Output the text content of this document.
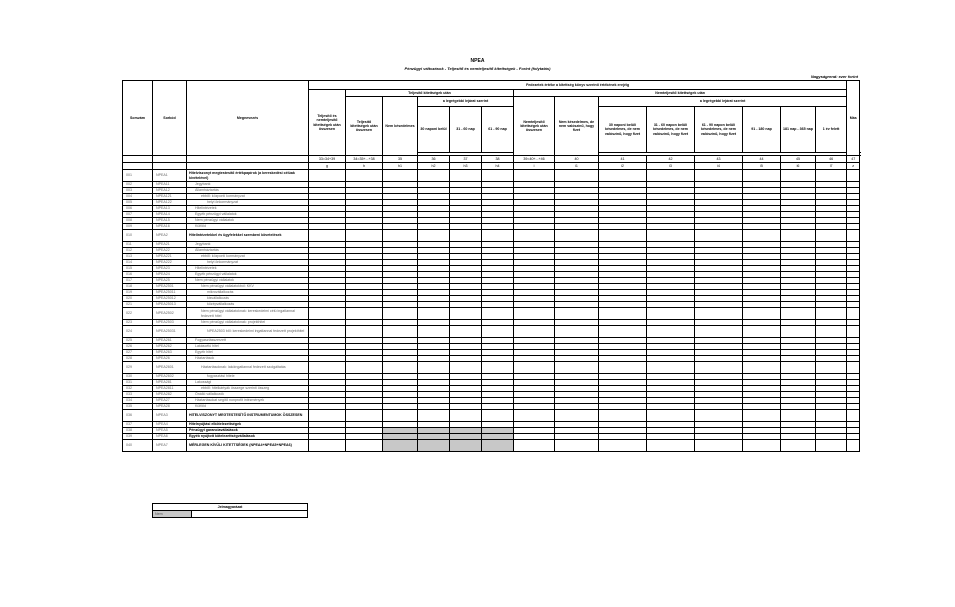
NPEA
Pénzügyi változások - Teljesítő és nemteljesítő kitettségek - Forint (folytatás)
Nagyságrend: ezer forint
Sorszám	Sorkód	Megnevezés	Fedezetek értéke a kitettség könyv szerinti értékének erejéig														Más
			Teljesítő és nemteljesítő kitettségek után összesen	Teljesítő kitettségek után					Nemteljesítő kitettségek után								
				Teljesítő kitettségek után összesen	Nem késedelmes	a legrégebbi lejárat szerint			Nemteljesítő kitettségek után összesen	Nem késedelmes, de nem valószínű, hogy fizet	a legrégebbi lejárat szerint						
						30 naponi belül	31 - 60 nap	61 - 90 nap			30 naponi belüli késedelmes, de nem valószínű, hogy fizet	31 - 60 napon belüli késedelmes, de nem valószínű, hogy fizet	61 - 90 napon belüli késedelmes, de nem valószínű, hogy fizet	91 - 180 nap	181 nap - 365 nap	1 év felett	

			33=34+39	34=35+...+38	35	36	37	38	39=40+...+46	40	41	42	43	44	45	46	47
			g	h	h1	h2	h3	h4	i	i1	i2	i3	i4	i5	i6	i7	z
001	NPEA1	Hitelviszonyt megtestesítő értékpapírok (a kereskedési célúak kivételével)															
002	NPEA11	Jegybank															
003	NPEA12	Államháztartás															
004	NPEA121	ebből: központi kormányzat															
005	NPEA122	helyi önkormányzat															
006	NPEA13	Hitelintézetek															
007	NPEA14	Egyéb pénzügyi vállalatok															
008	NPEA15	Nem pénzügyi vállalatok															
009	NPEA16	Külföld															
010	NPEA2	Hitelintézetekkel és ügyfelekkel szembeni követelések															
011	NPEA21	Jegybank															
012	NPEA22	Államháztartás															
013	NPEA221	ebből: központi kormányzat															
014	NPEA222	helyi önkormányzat															
015	NPEA23	Hitelintézetek															
016	NPEA24	Egyéb pénzügyi vállalatok															
017	NPEA25	Nem pénzügyi vállalatok															
018	NPEA2501	Nem pénzügyi vállalatokból: KKV															
019	NPEA25011	mikrovállalkozás															
020	NPEA25012	kisvállalkozás															
021	NPEA25013	középvállalkozás															
022	NPEA2502	Nem pénzügyi vállalatoknak: kereskedelmi célú ingatlannal fedezett hitel															
023	NPEA2503	Nem pénzügyi vállalatoknak: projekthitel															
024	NPEA25031	NPEA2503 ből: kereskedelmi ingatlannal fedezett projekthitel															
025	NPEA261	Fogyasztásszerzett															
026	NPEA262	Lakáscélú hitel															
027	NPEA263	Egyéb hitel															
028	NPEA26	Háztartások															
029	NPEA2601	Háztartásoknak: lakóingatlannal fedezett szolgáltatás															
030	NPEA2602	fogyasztási hitele															
031	NPEA281	Lakossági															
032	NPEA2811	ebből: hitelkártyák összege szerinti összeg															
033	NPEA282	Önálló vállalkozók															
034	NPEA27	Háztartásokat segítő nonprofit intézmények															
035	NPEA28	Külföld															
036	NPEA3	HITELVISZONYT MEGTESTESÍTŐ INSTRUMENTUMOK ÖSSZESEN															
037	NPEA4	Hitelnyújtási elkötelezettségek															
038	NPEA5	Pénzügyi garanciavállalások															
039	NPEA6	Egyéb nyújtott kötelezettségvállalások															
040	NPEA7	MÉRLEGEN KÍVÜLI KITETTSÉGEK (NPEA4+NPEA5+NPEA6)															
Jelmagyarázat
Nem	
